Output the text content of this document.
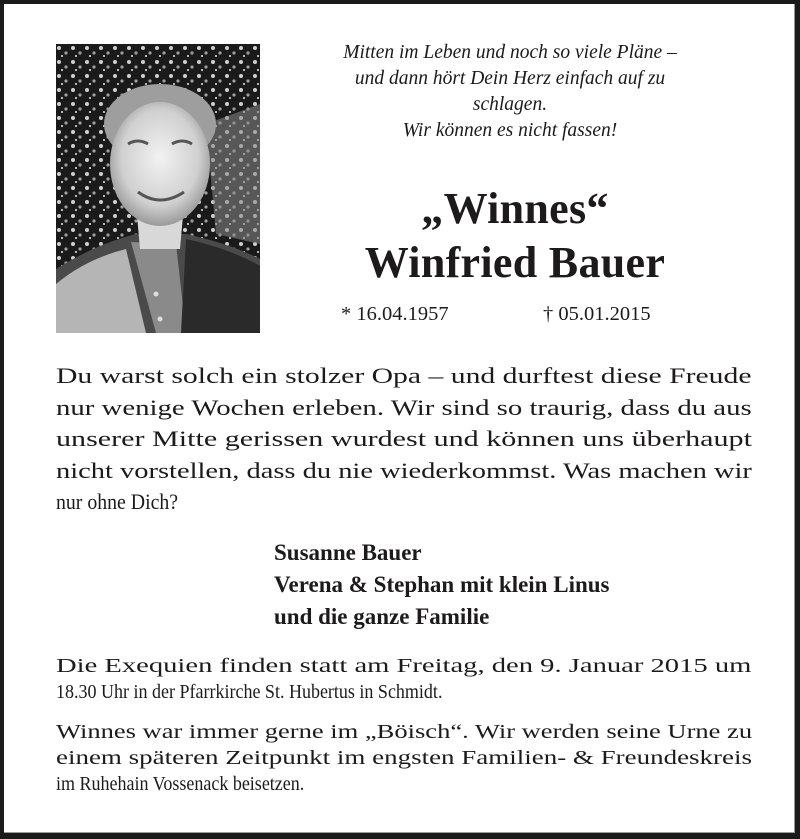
Mitten im Leben und noch so viele Pläne –
und dann hört Dein Herz einfach auf zu
schlagen.
Wir können es nicht fassen!
„Winnes“
Winfried Bauer
* 16.04.1957	† 05.01.2015
Du warst solch ein stolzer Opa – und durftest diese Freude
nur wenige Wochen erleben. Wir sind so traurig, dass du aus
unserer Mitte gerissen wurdest und können uns überhaupt
nicht vorstellen, dass du nie wiederkommst. Was machen wir
nur ohne Dich?
Susanne Bauer
Verena & Stephan mit klein Linus
und die ganze Familie
Die Exequien finden statt am Freitag, den 9. Januar 2015 um
18.30 Uhr in der Pfarrkirche St. Hubertus in Schmidt.
Winnes war immer gerne im „Böisch“. Wir werden seine Urne zu
einem späteren Zeitpunkt im engsten Familien- & Freundeskreis
im Ruhehain Vossenack beisetzen.
